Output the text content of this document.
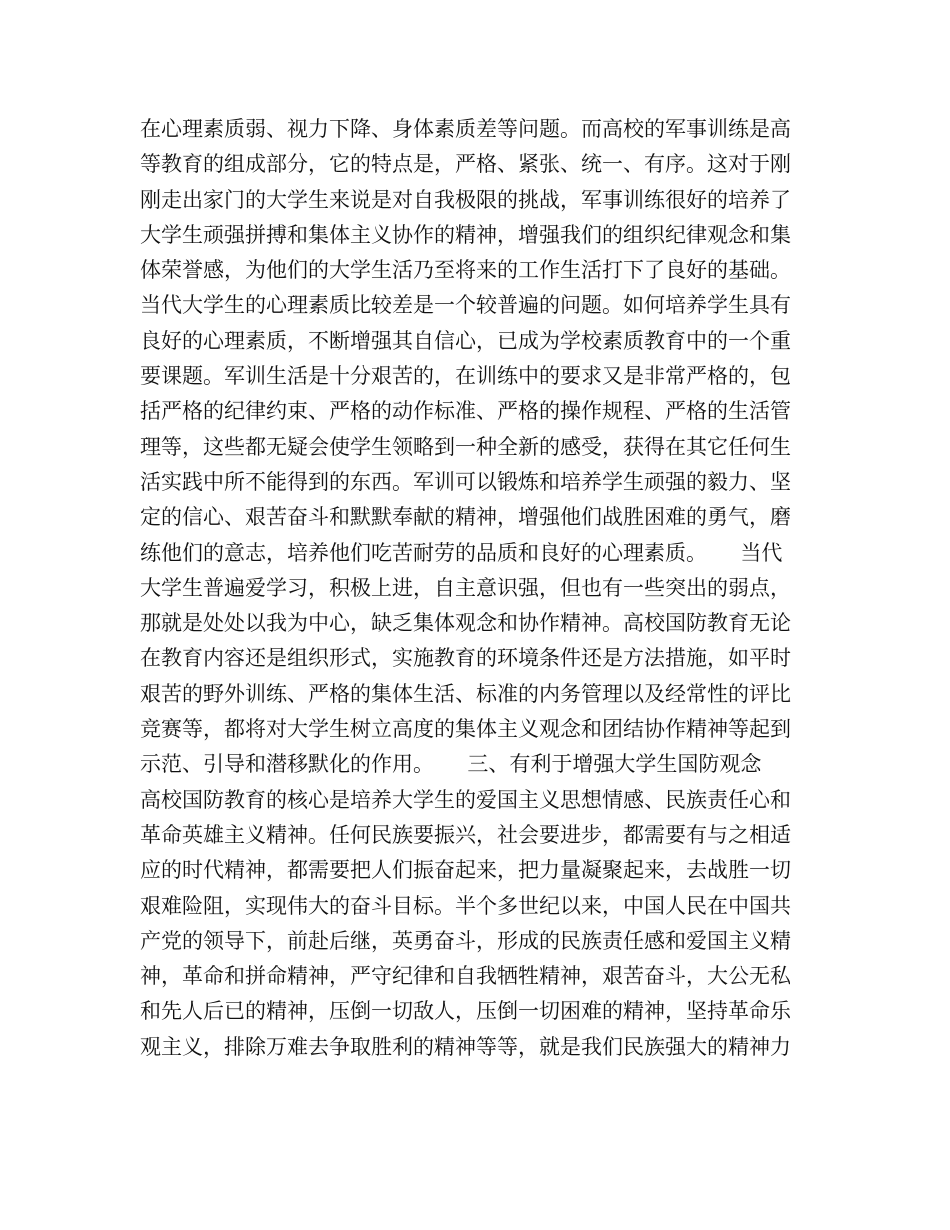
在心理素质弱、视力下降、身体素质差等问题。而高校的军事训练是高
等教育的组成部分，它的特点是，严格、紧张、统一、有序。这对于刚
刚走出家门的大学生来说是对自我极限的挑战，军事训练很好的培养了
大学生顽强拼搏和集体主义协作的精神，增强我们的组织纪律观念和集
体荣誉感，为他们的大学生活乃至将来的工作生活打下了良好的基础。
当代大学生的心理素质比较差是一个较普遍的问题。如何培养学生具有
良好的心理素质，不断增强其自信心，已成为学校素质教育中的一个重
要课题。军训生活是十分艰苦的，在训练中的要求又是非常严格的，包
括严格的纪律约束、严格的动作标准、严格的操作规程、严格的生活管
理等，这些都无疑会使学生领略到一种全新的感受，获得在其它任何生
活实践中所不能得到的东西。军训可以锻炼和培养学生顽强的毅力、坚
定的信心、艰苦奋斗和默默奉献的精神，增强他们战胜困难的勇气，磨
练他们的意志，培养他们吃苦耐劳的品质和良好的心理素质。     当代
大学生普遍爱学习，积极上进，自主意识强，但也有一些突出的弱点，
那就是处处以我为中心，缺乏集体观念和协作精神。高校国防教育无论
在教育内容还是组织形式，实施教育的环境条件还是方法措施，如平时
艰苦的野外训练、严格的集体生活、标准的内务管理以及经常性的评比
竞赛等，都将对大学生树立高度的集体主义观念和团结协作精神等起到
示范、引导和潜移默化的作用。     三、有利于增强大学生国防观念
高校国防教育的核心是培养大学生的爱国主义思想情感、民族责任心和
革命英雄主义精神。任何民族要振兴，社会要进步，都需要有与之相适
应的时代精神，都需要把人们振奋起来，把力量凝聚起来，去战胜一切
艰难险阻，实现伟大的奋斗目标。半个多世纪以来，中国人民在中国共
产党的领导下，前赴后继，英勇奋斗，形成的民族责任感和爱国主义精
神，革命和拼命精神，严守纪律和自我牺牲精神，艰苦奋斗，大公无私
和先人后已的精神，压倒一切敌人，压倒一切困难的精神，坚持革命乐
观主义，排除万难去争取胜利的精神等等，就是我们民族强大的精神力
